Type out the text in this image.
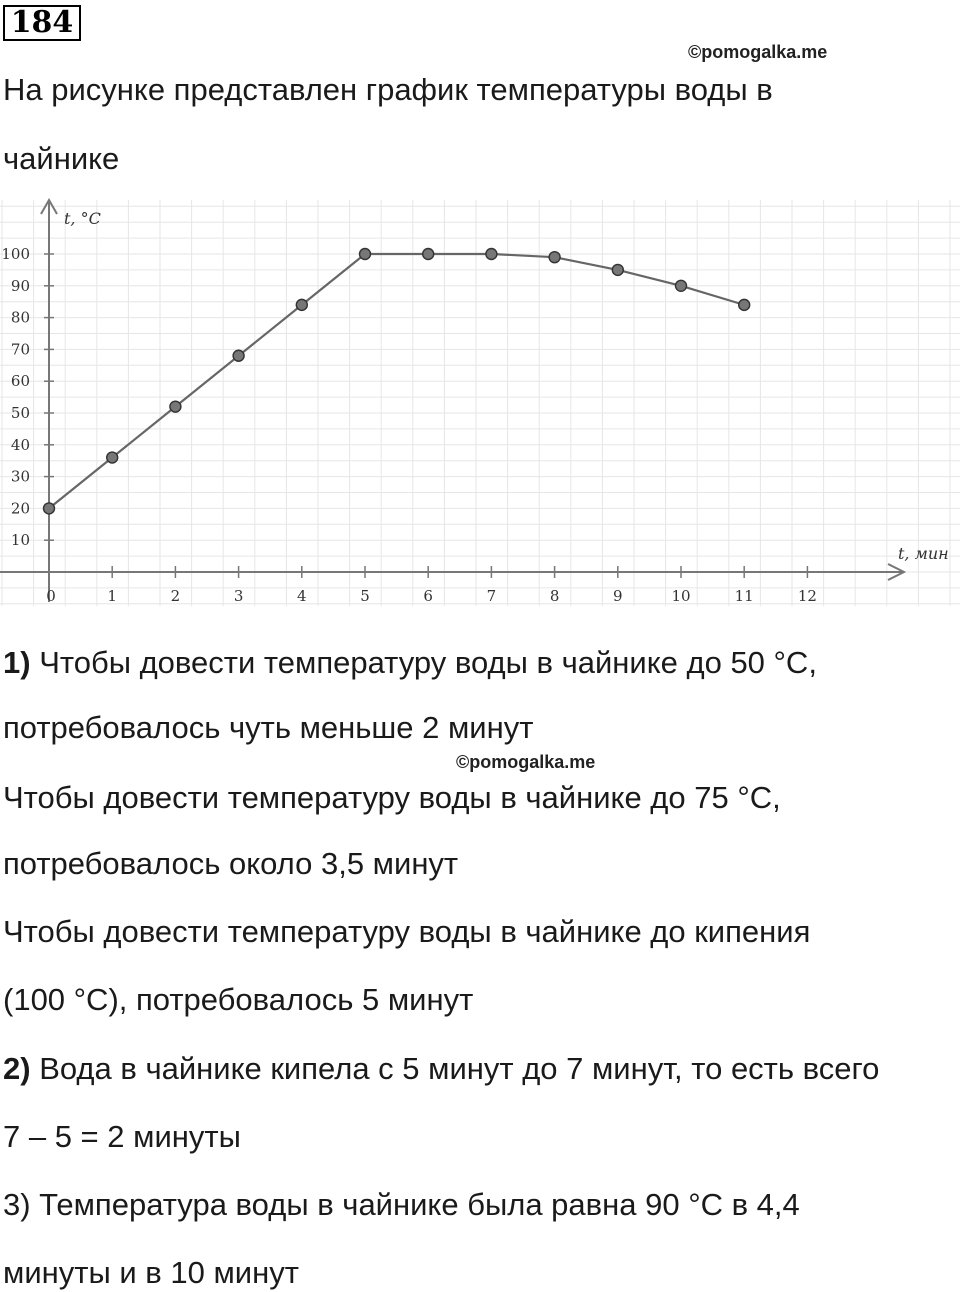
184
©pomogalka.me
На рисунке представлен график температуры воды в
чайнике
0	1	2	3	4	5	6	7	8	9	10	11	12
10
20
30
40
50
60
70
80
90
100
t, °C
t, мин
1) Чтобы довести температуру воды в чайнике до 50 °C,
потребовалось чуть меньше 2 минут
©pomogalka.me
Чтобы довести температуру воды в чайнике до 75 °C,
потребовалось около 3,5 минут
Чтобы довести температуру воды в чайнике до кипения
(100 °C), потребовалось 5 минут
2) Вода в чайнике кипела с 5 минут до 7 минут, то есть всего
7 – 5 = 2 минуты
3) Температура воды в чайнике была равна 90 °C в 4,4
минуты и в 10 минут
